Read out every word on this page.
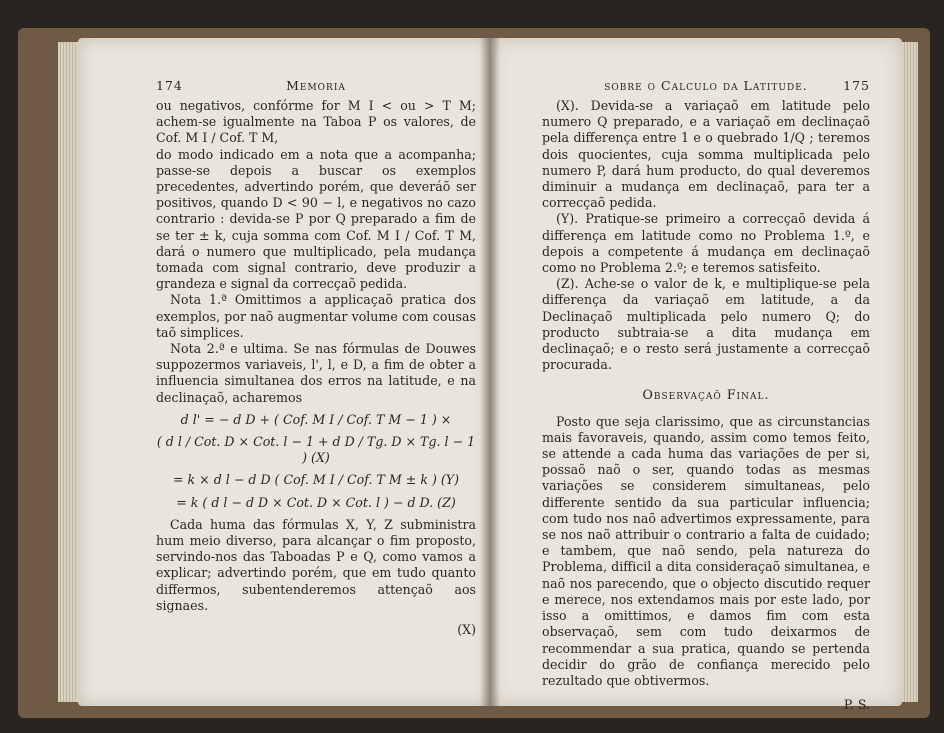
174	Memoria
ou negativos, confórme for M I < ou > T M; achem-se igualmente na Taboa P os valores, de Cof. M I / Cof. T M,
do modo indicado em a nota que a acompanha; passe-se depois a buscar os exemplos precedentes, advertindo porém, que deveráõ ser positivos, quando D < 90 − l, e negativos no cazo contrario : devida-se P por Q preparado a fim de se ter ± k, cuja somma com Cof. M I / Cof. T M, dará o numero que multiplicado, pela mudança tomada com signal contrario, deve produzir a grandeza e signal da correcçaõ pedida.
Nota 1.ª Omittimos a applicaçaõ pratica dos exemplos, por naõ augmentar volume com cousas taõ simplices.
Nota 2.ª e ultima. Se nas fórmulas de Douwes suppozermos variaveis, l', l, e D, a fim de obter a influencia simultanea dos erros na latitude, e na declinaçaõ, acharemos
d l' = − d D + ( Cof. M I / Cof. T M − 1 ) ×
( d l / Cot. D × Cot. l − 1 + d D / Tg. D × Tg. l − 1 ) (X)
= k × d l − d D ( Cof. M I / Cof. T M ± k ) (Y)
= k ( d l − d D × Cot. D × Cot. l ) − d D. (Z)
Cada huma das fórmulas X, Y, Z subministra hum meio diverso, para alcançar o fim proposto, servindo-nos das Taboadas P e Q, como vamos a explicar; advertindo porém, que em tudo quanto differmos, subentenderemos attençaõ aos signaes.
(X)
sobre o Calculo da Latitude.	175
(X). Devida-se a variaçaõ em latitude pelo numero Q preparado, e a variaçaõ em declinaçaõ pela differença entre 1 e o quebrado 1/Q ; teremos dois quocientes, cuja somma multiplicada pelo numero P, dará hum producto, do qual deveremos diminuir a mudança em declinaçaõ, para ter a correcçaõ pedida.
(Y). Pratique-se primeiro a correcçaõ devida á differença em latitude como no Problema 1.º, e depois a competente á mudança em declinaçaõ como no Problema 2.º; e teremos satisfeito.
(Z). Ache-se o valor de k, e multiplique-se pela differença da variaçaõ em latitude, a da Declinaçaõ multiplicada pelo numero Q; do producto subtraia-se a dita mudança em declinaçaõ; e o resto será justamente a correcçaõ procurada.
Observaçaõ Final.
Posto que seja clarissimo, que as circunstancias mais favoraveis, quando, assim como temos feito, se attende a cada huma das variações de per si, possaõ naõ o ser, quando todas as mesmas variações se considerem simultaneas, pelo differente sentido da sua particular influencia; com tudo nos naõ advertimos expressamente, para se nos naõ attribuir o contrario a falta de cuidado; e tambem, que naõ sendo, pela natureza do Problema, difficil a dita consideraçaõ simultanea, e naõ nos parecendo, que o objecto discutido requer e merece, nos extendamos mais por este lado, por isso a omittimos, e damos fim com esta observaçaõ, sem com tudo deixarmos de recommendar a sua pratica, quando se pertenda decidir do grão de confiança merecido pelo rezultado que obtivermos.
P. S.
